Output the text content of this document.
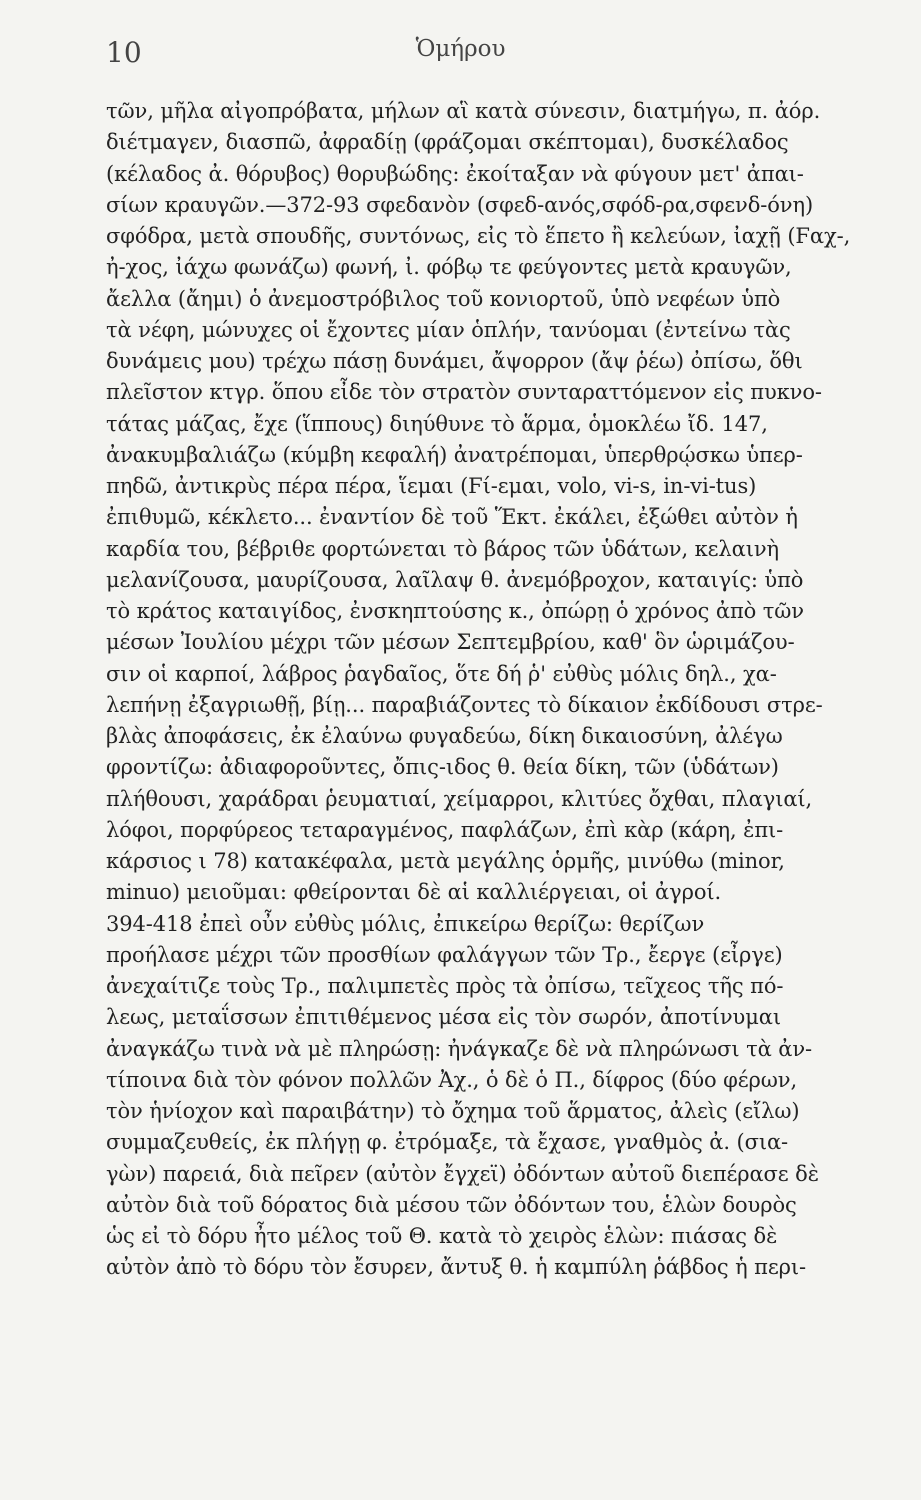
10	Ὁμήρου
τῶν, μῆλα αἰγοπρόβατα, μήλων αἳ κατὰ σύνεσιν, διατμήγω, π. ἀόρ.
διέτμαγεν, διασπῶ, ἀφραδίῃ (φράζομαι σκέπτομαι), δυσκέλαδος
(κέλαδος ἀ. θόρυβος) θορυβώδης: ἐκοίταξαν νὰ φύγουν μετ' ἀπαι-
σίων κραυγῶν.—372-93 σφεδανὸν (σφεδ-ανός,σφόδ-ρα,σφενδ-όνη)
σφόδρα, μετὰ σπουδῆς, συντόνως, εἰς τὸ ἕπετο ἢ κελεύων, ἰαχῇ (Ϝαχ-,
ἠ-χος, ἰάχω φωνάζω) φωνή, ἰ. φόβῳ τε φεύγοντες μετὰ κραυγῶν,
ἄελλα (ἄημι) ὁ ἀνεμοστρόβιλος τοῦ κονιορτοῦ, ὑπὸ νεφέων ὑπὸ
τὰ νέφη, μώνυχες οἱ ἔχοντες μίαν ὁπλήν, τανύομαι (ἐντείνω τὰς
δυνάμεις μου) τρέχω πάσῃ δυνάμει, ἄψορρον (ἄψ ῥέω) ὀπίσω, ὅθι
πλεῖστον κτγρ. ὅπου εἶδε τὸν στρατὸν συνταραττόμενον εἰς πυκνο-
τάτας μάζας, ἔχε (ἵππους) διηύθυνε τὸ ἅρμα, ὁμοκλέω ἴδ. 147,
ἀνακυμβαλιάζω (κύμβη κεφαλή) ἀνατρέπομαι, ὑπερθρῴσκω ὑπερ-
πηδῶ, ἀντικρὺς πέρα πέρα, ἵεμαι (Ϝί-εμαι, volo, vi-s, in-vi-tus)
ἐπιθυμῶ, κέκλετο... ἐναντίον δὲ τοῦ Ἕκτ. ἐκάλει, ἐξώθει αὐτὸν ἡ
καρδία του, βέβριθε φορτώνεται τὸ βάρος τῶν ὑδάτων, κελαινὴ
μελανίζουσα, μαυρίζουσα, λαῖλαψ θ. ἀνεμόβροχον, καταιγίς: ὑπὸ
τὸ κράτος καταιγίδος, ἐνσκηπτούσης κ., ὀπώρῃ ὁ χρόνος ἀπὸ τῶν
μέσων Ἰουλίου μέχρι τῶν μέσων Σεπτεμβρίου, καθ' ὃν ὡριμάζου-
σιν οἱ καρποί, λάβρος ῥαγδαῖος, ὅτε δή ῥ' εὐθὺς μόλις δηλ., χα-
λεπήνῃ ἐξαγριωθῇ, βίῃ... παραβιάζοντες τὸ δίκαιον ἐκδίδουσι στρε-
βλὰς ἀποφάσεις, ἐκ ἐλαύνω φυγαδεύω, δίκη δικαιοσύνη, ἀλέγω
φροντίζω: ἀδιαφοροῦντες, ὄπις-ιδος θ. θεία δίκη, τῶν (ὑδάτων)
πλήθουσι, χαράδραι ῥευματιαί, χείμαρροι, κλιτύες ὄχθαι, πλαγιαί,
λόφοι, πορφύρεος τεταραγμένος, παφλάζων, ἐπὶ κὰρ (κάρη, ἐπι-
κάρσιος ι 78) κατακέφαλα, μετὰ μεγάλης ὁρμῆς, μινύθω (minor,
minuo) μειοῦμαι: φθείρονται δὲ αἱ καλλιέργειαι, οἱ ἀγροί.
394-418 ἐπεὶ οὖν εὐθὺς μόλις, ἐπικείρω θερίζω: θερίζων
προήλασε μέχρι τῶν προσθίων φαλάγγων τῶν Τρ., ἔεργε (εἶργε)
ἀνεχαίτιζε τοὺς Τρ., παλιμπετὲς πρὸς τὰ ὀπίσω, τεῖχεος τῆς πό-
λεως, μεταΐσσων ἐπιτιθέμενος μέσα εἰς τὸν σωρόν, ἀποτίνυμαι
ἀναγκάζω τινὰ νὰ μὲ πληρώσῃ: ἠνάγκαζε δὲ νὰ πληρώνωσι τὰ ἀν-
τίποινα διὰ τὸν φόνον πολλῶν Ἀχ., ὁ δὲ ὁ Π., δίφρος (δύο φέρων,
τὸν ἡνίοχον καὶ παραιβάτην) τὸ ὄχημα τοῦ ἅρματος, ἀλεὶς (εἴλω)
συμμαζευθείς, ἐκ πλήγῃ φ. ἐτρόμαξε, τὰ ἔχασε, γναθμὸς ἀ. (σια-
γὼν) παρειά, διὰ πεῖρεν (αὐτὸν ἔγχεϊ) ὀδόντων αὐτοῦ διεπέρασε δὲ
αὐτὸν διὰ τοῦ δόρατος διὰ μέσου τῶν ὀδόντων του, ἑλὼν δουρὸς
ὡς εἰ τὸ δόρυ ἦτο μέλος τοῦ Θ. κατὰ τὸ χειρὸς ἑλὼν: πιάσας δὲ
αὐτὸν ἀπὸ τὸ δόρυ τὸν ἔσυρεν, ἄντυξ θ. ἡ καμπύλη ῥάβδος ἡ περι-
